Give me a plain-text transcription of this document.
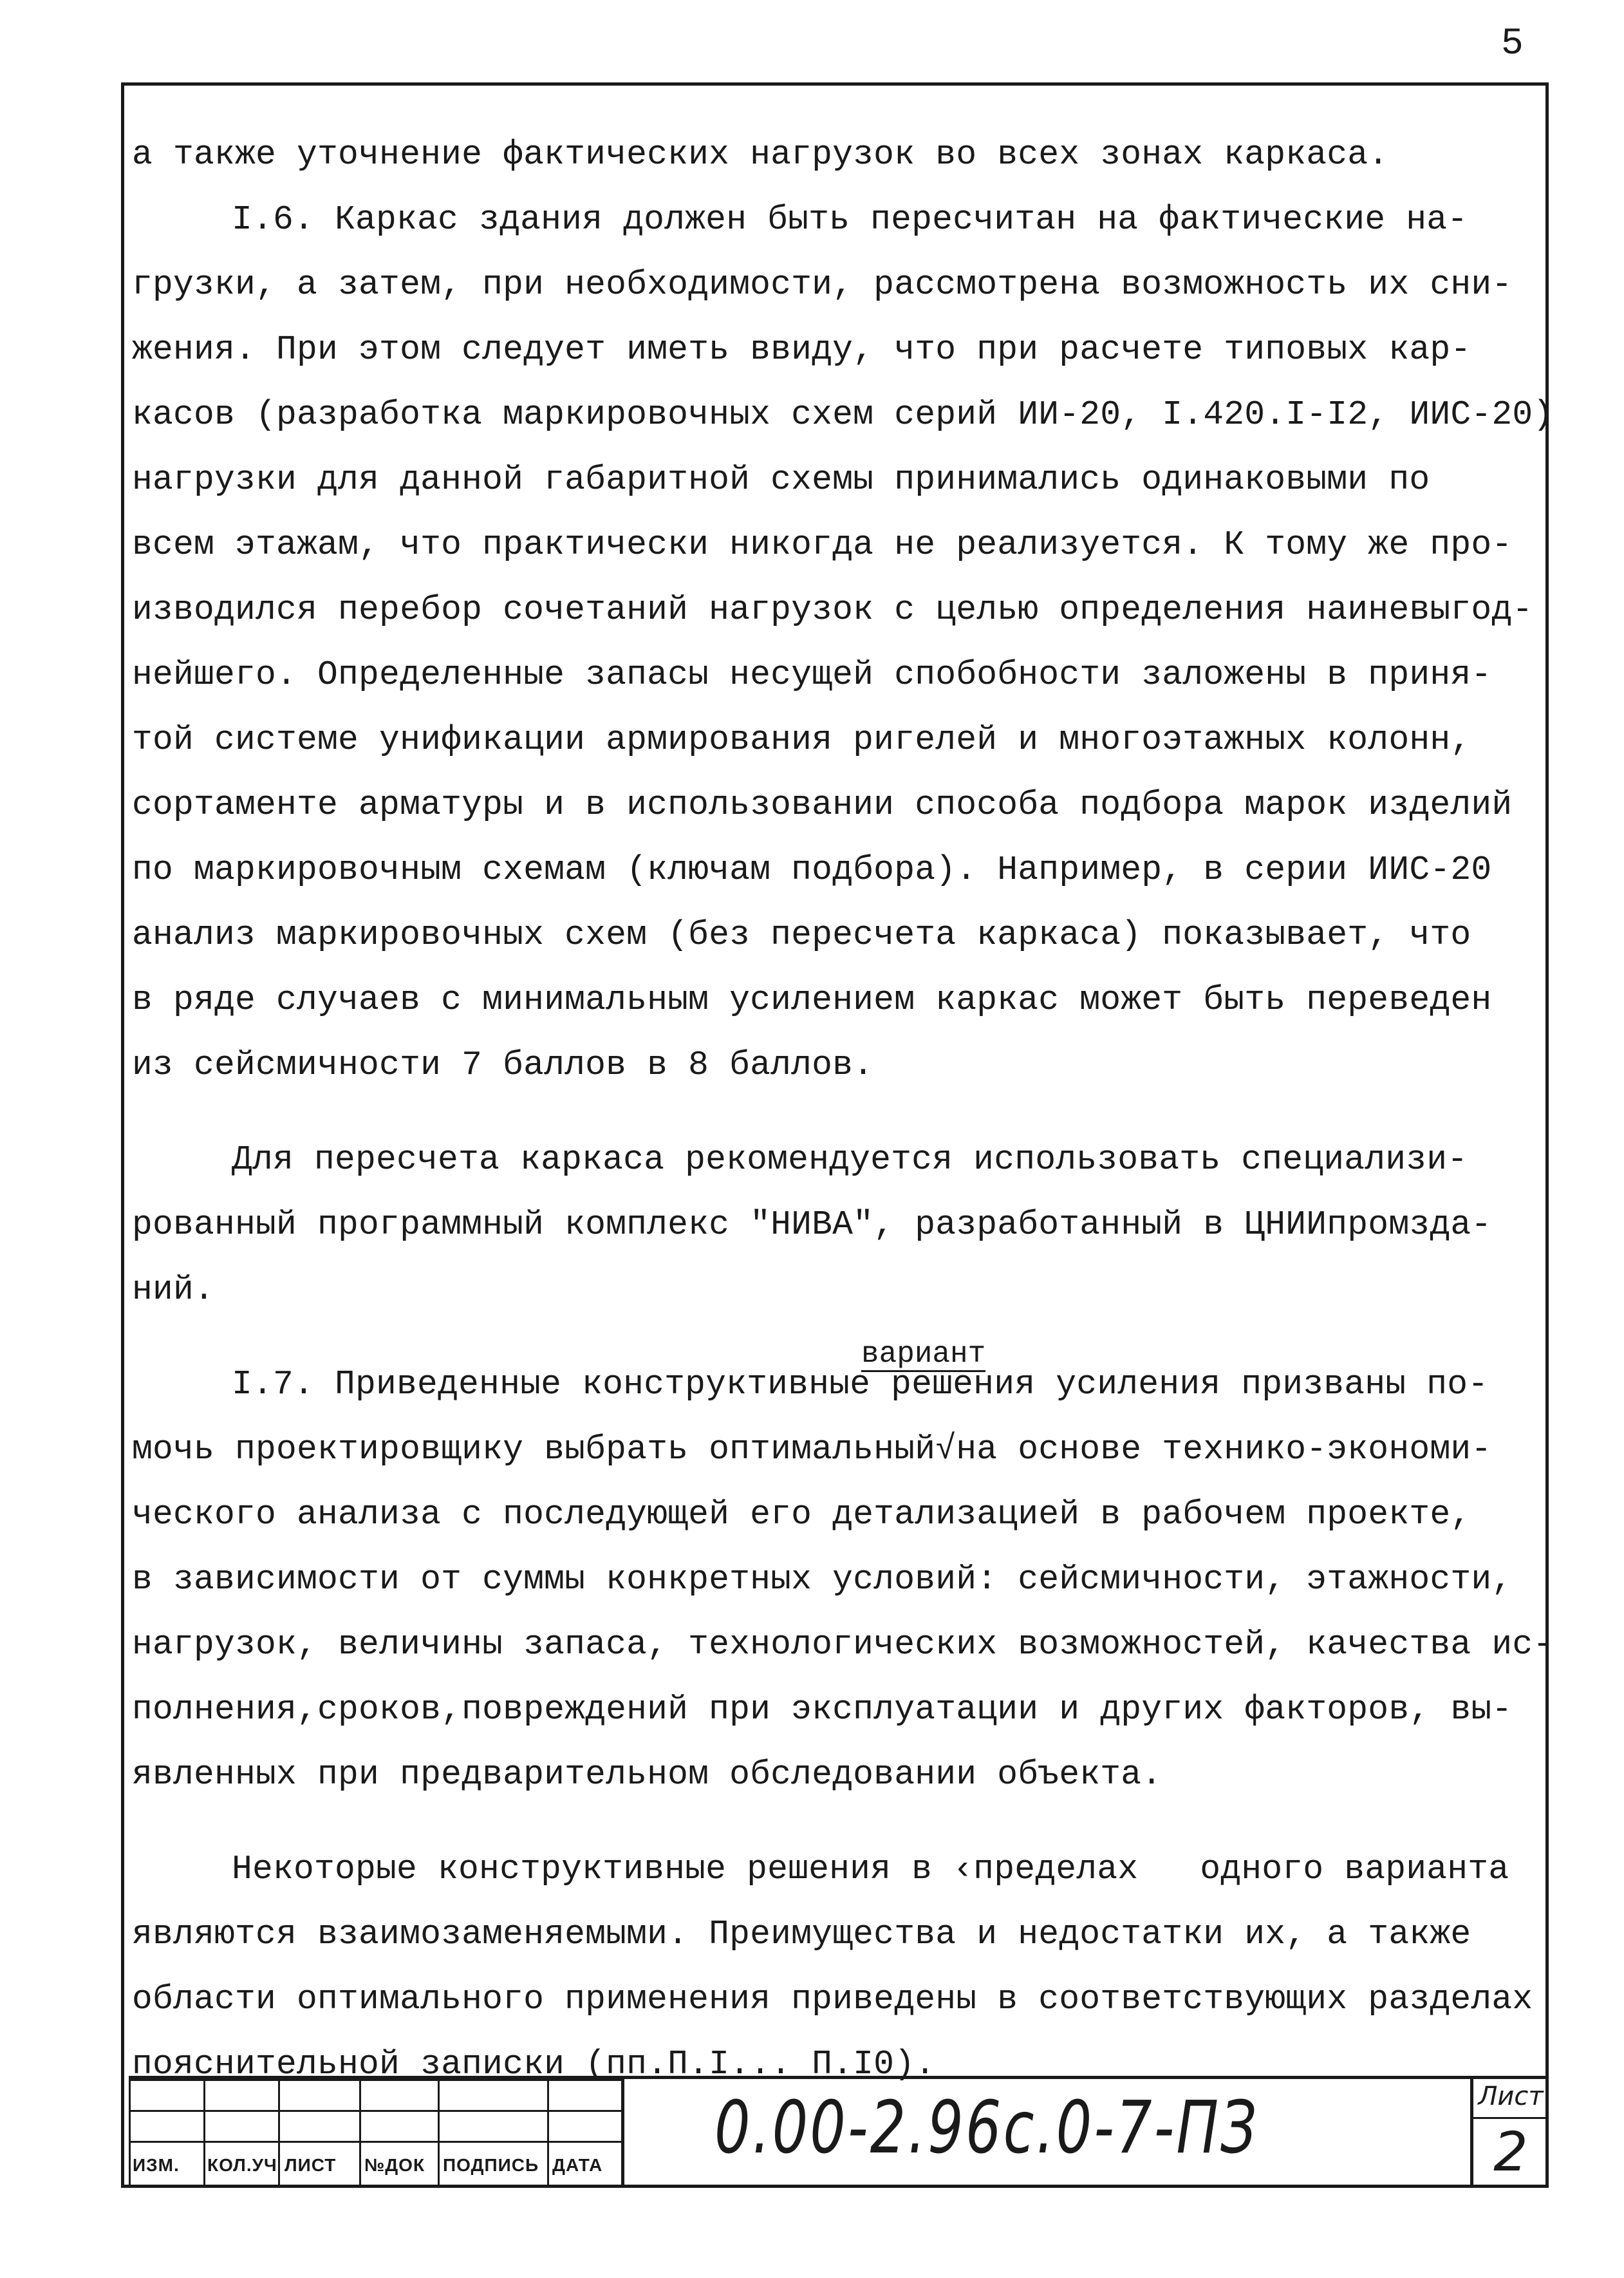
5
а также уточнение фактических нагрузок во всех зонах каркаса.
I.6. Каркас здания должен быть пересчитан на фактические на-
грузки, а затем, при необходимости, рассмотрена возможность их сни-
жения. При этом следует иметь ввиду, что при расчете типовых кар-
касов (разработка маркировочных схем серий ИИ-20, I.420.I-I2, ИИС-20)
нагрузки для данной габаритной схемы принимались одинаковыми по
всем этажам, что практически никогда не реализуется. К тому же про-
изводился перебор сочетаний нагрузок с целью определения наиневыгод-
нейшего. Определенные запасы несущей спобобности заложены в приня-
той системе унификации армирования ригелей и многоэтажных колонн,
сортаменте арматуры и в использовании способа подбора марок изделий
по маркировочным схемам (ключам подбора). Например, в серии ИИС-20
анализ маркировочных схем (без пересчета каркаса) показывает, что
в ряде случаев с минимальным усилением каркас может быть переведен
из сейсмичности 7 баллов в 8 баллов.
Для пересчета каркаса рекомендуется использовать специализи-
рованный программный комплекс "НИВА", разработанный в ЦНИИпромзда-
ний.
I.7. Приведенные конструктивные решения усиления призваны по-
мочь проектировщику выбрать оптимальный√на основе технико-экономи-
ческого анализа с последующей его детализацией в рабочем проекте,
в зависимости от суммы конкретных условий: сейсмичности, этажности,
нагрузок, величины запаса, технологических возможностей, качества ис-
полнения,сроков,повреждений при эксплуатации и других факторов, вы-
явленных при предварительном обследовании объекта.
Некоторые конструктивные решения в ‹пределах   одного варианта
являются взаимозаменяемыми. Преимущества и недостатки их, а также
области оптимального применения приведены в соответствующих разделах
пояснительной записки (пп.П.I... П.I0).
вариант
ИЗМ. КОЛ.УЧ ЛИСТ №ДОК ПОДПИСЬ ДАТА 0.00-2.96с.0-7-ПЗ	Лист
2
